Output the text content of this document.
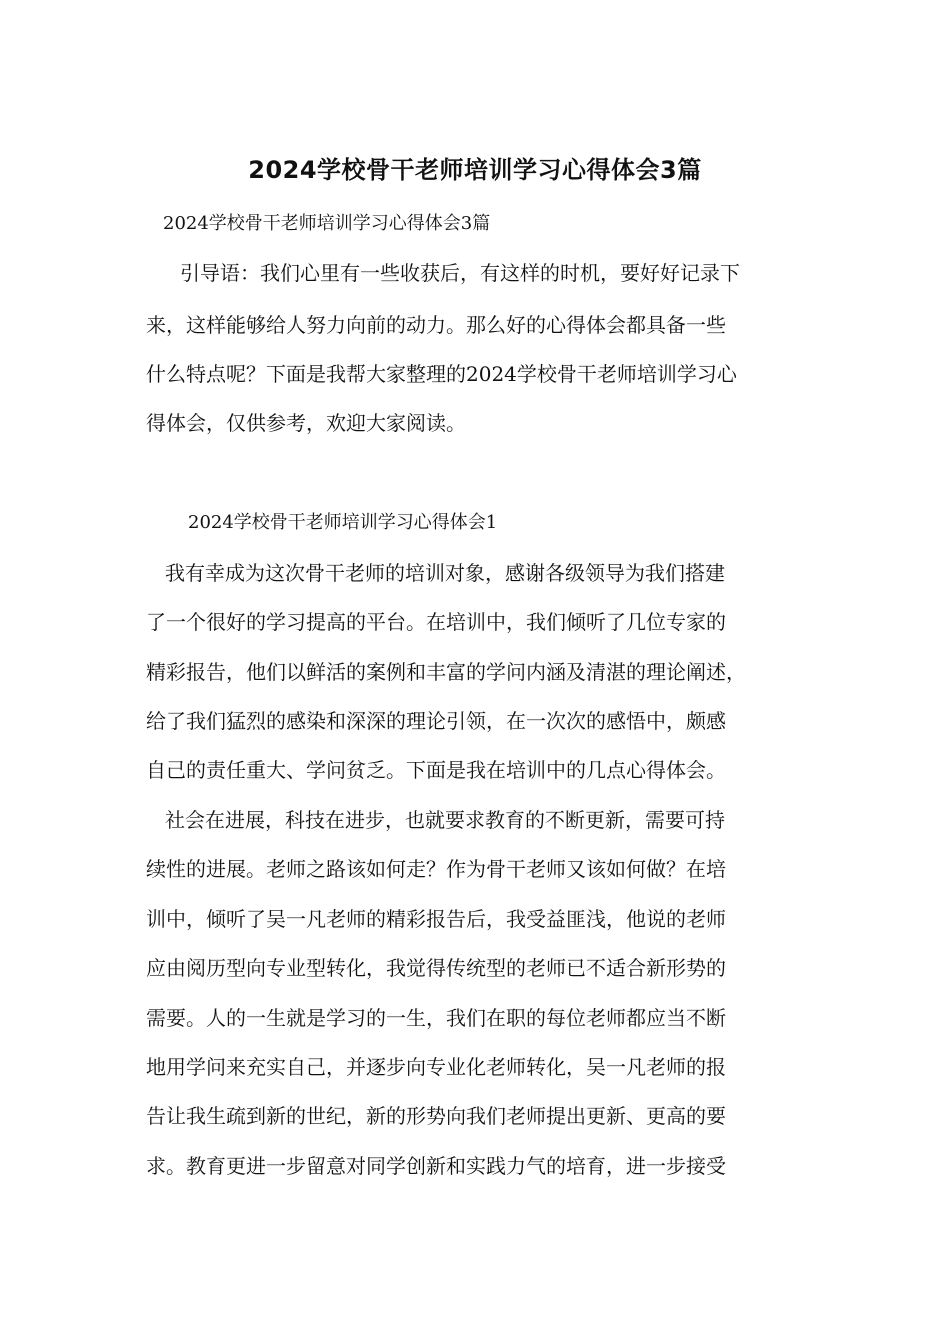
2024学校骨干老师培训学习心得体会3篇
2024学校骨干老师培训学习心得体会3篇
引导语：我们心里有一些收获后，有这样的时机，要好好记录下
来，这样能够给人努力向前的动力。那么好的心得体会都具备一些
什么特点呢？下面是我帮大家整理的2024学校骨干老师培训学习心
得体会，仅供参考，欢迎大家阅读。
2024学校骨干老师培训学习心得体会1
我有幸成为这次骨干老师的培训对象，感谢各级领导为我们搭建
了一个很好的学习提高的平台。在培训中，我们倾听了几位专家的
精彩报告，他们以鲜活的案例和丰富的学问内涵及清湛的理论阐述，
给了我们猛烈的感染和深深的理论引领，在一次次的感悟中，颇感
自己的责任重大、学问贫乏。下面是我在培训中的几点心得体会。
社会在进展，科技在进步，也就要求教育的不断更新，需要可持
续性的进展。老师之路该如何走？作为骨干老师又该如何做？在培
训中，倾听了吴一凡老师的精彩报告后，我受益匪浅，他说的老师
应由阅历型向专业型转化，我觉得传统型的老师已不适合新形势的
需要。人的一生就是学习的一生，我们在职的每位老师都应当不断
地用学问来充实自己，并逐步向专业化老师转化，吴一凡老师的报
告让我生疏到新的世纪，新的形势向我们老师提出更新、更高的要
求。教育更进一步留意对同学创新和实践力气的培育，进一步接受
